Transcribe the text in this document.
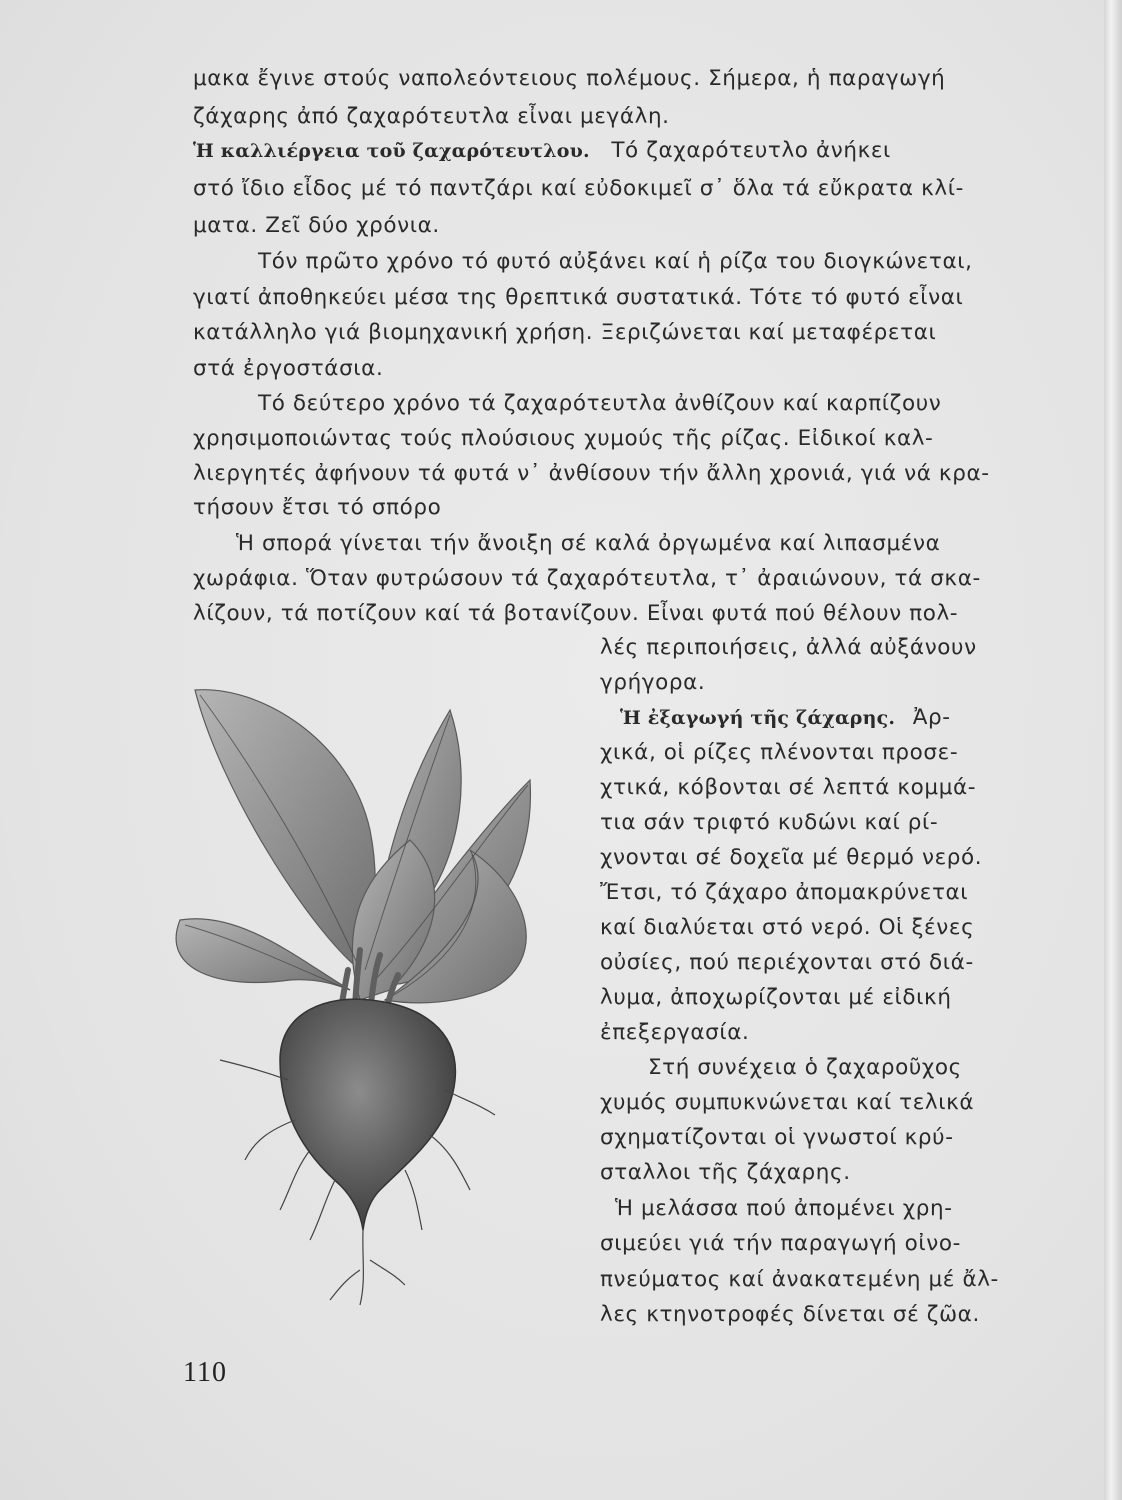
μακα ἔγινε στούς ναπολεόντειους πολέμους. Σήμερα, ἡ παραγωγή
ζάχαρης ἀπό ζαχαρότευτλα εἶναι μεγάλη.
Ἡ καλλιέργεια τοῦ ζαχαρότευτλου. Τό ζαχαρότευτλο ἀνήκει
στό ἴδιο εἶδος μέ τό παντζάρι καί εὐδοκιμεῖ σ᾽ ὅλα τά εὔκρατα κλί-
ματα. Ζεῖ δύο χρόνια.
Τόν πρῶτο χρόνο τό φυτό αὐξάνει καί ἡ ρίζα του διογκώνεται,
γιατί ἀποθηκεύει μέσα της θρεπτικά συστατικά. Τότε τό φυτό εἶναι
κατάλληλο γιά βιομηχανική χρήση. Ξεριζώνεται καί μεταφέρεται
στά ἐργοστάσια.
Τό δεύτερο χρόνο τά ζαχαρότευτλα ἀνθίζουν καί καρπίζουν
χρησιμοποιώντας τούς πλούσιους χυμούς τῆς ρίζας. Εἰδικοί καλ-
λιεργητές ἀφήνουν τά φυτά ν᾽ ἀνθίσουν τήν ἄλλη χρονιά, γιά νά κρα-
τήσουν ἔτσι τό σπόρο
Ἡ σπορά γίνεται τήν ἄνοιξη σέ καλά ὀργωμένα καί λιπασμένα
χωράφια. Ὅταν φυτρώσουν τά ζαχαρότευτλα, τ᾽ ἀραιώνουν, τά σκα-
λίζουν, τά ποτίζουν καί τά βοτανίζουν. Εἶναι φυτά πού θέλουν πολ-
λές περιποιήσεις, ἀλλά αὐξάνουν
γρήγορα.
Ἡ ἐξαγωγή τῆς ζάχαρης. Ἀρ-
χικά, οἱ ρίζες πλένονται προσε-
χτικά, κόβονται σέ λεπτά κομμά-
τια σάν τριφτό κυδώνι καί ρί-
χνονται σέ δοχεῖα μέ θερμό νερό.
Ἔτσι, τό ζάχαρο ἀπομακρύνεται
καί διαλύεται στό νερό. Οἱ ξένες
οὐσίες, πού περιέχονται στό διά-
λυμα, ἀποχωρίζονται μέ εἰδική
ἐπεξεργασία.
Στή συνέχεια ὁ ζαχαροῦχος
χυμός συμπυκνώνεται καί τελικά
σχηματίζονται οἱ γνωστοί κρύ-
σταλλοι τῆς ζάχαρης.
Ἡ μελάσσα πού ἀπομένει χρη-
σιμεύει γιά τήν παραγωγή οἰνο-
πνεύματος καί ἀνακατεμένη μέ ἄλ-
λες κτηνοτροφές δίνεται σέ ζῶα.
110
